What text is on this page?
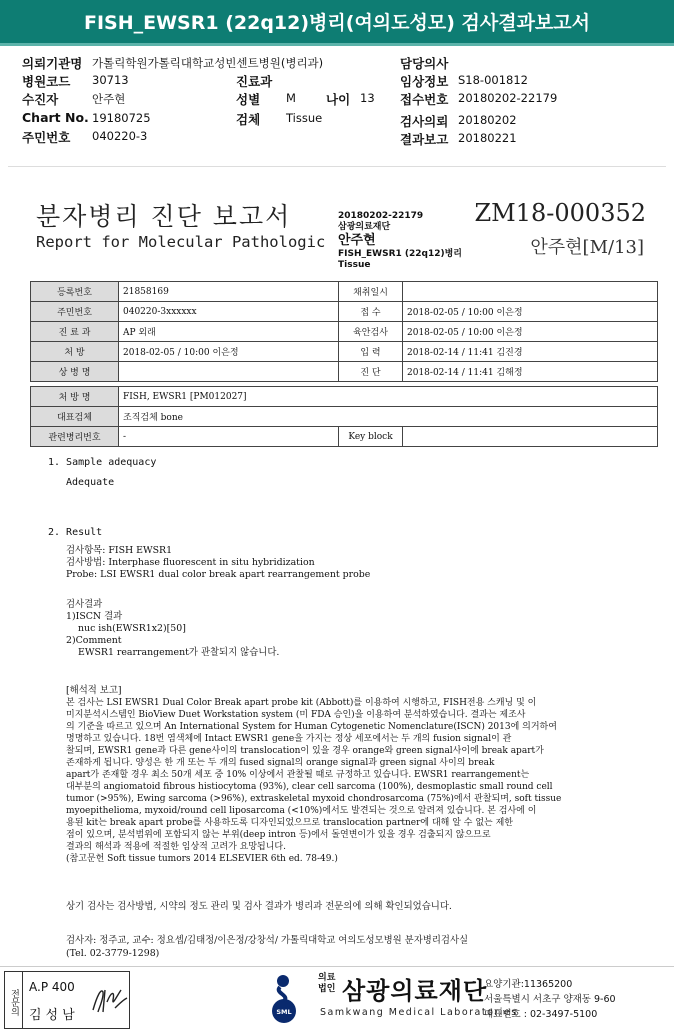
FISH_EWSR1 (22q12)병리(여의도성모) 검사결과보고서
의뢰기관명 가톨릭학원가톨릭대학교성빈센트병원(병리과)	담당의사
병원코드 30713	진료과	임상정보 S18-001812
수진자	안주현	성별 M 나이 13 접수번호 20180202-22179
Chart No. 19180725	검체 Tissue	검사의뢰 20180202
주민번호 040220-3	결과보고 20180221
분자병리 진단 보고서
Report for Molecular Pathologic
20180202-22179
삼광의료재단
안주현
FISH_EWSR1 (22q12)병리
Tissue
ZM18-000352
안주현[M/13]
등록번호	21858169	채취일시	
주민번호	040220-3xxxxxx	접 수	2018-02-05 / 10:00 이은정
진 료 과	AP 외래	육안검사	2018-02-05 / 10:00 이은정
처 방	2018-02-05 / 10:00 이은정	입 력	2018-02-14 / 11:41 김진경
상 병 명		진 단	2018-02-14 / 11:41 김해정

처 방 명	FISH, EWSR1 [PM012027]		
대표검체	조직검체 bone		
관련병리번호	-	Key block	
1. Sample adequacy
Adequate
2. Result
검사항목: FISH EWSR1
검사방법: Interphase fluorescent in situ hybridization
Probe: LSI EWSR1 dual color break apart rearrangement probe
검사결과
1)ISCN 결과
nuc ish(EWSR1x2)[50]
2)Comment
EWSR1 rearrangement가 관찰되지 않습니다.
[해석적 보고]
본 검사는 LSI EWSR1 Dual Color Break apart probe kit (Abbott)를 이용하여 시행하고, FISH전용 스캐닝 및 이
미지분석시스템인 BioView Duet Workstation system (미 FDA 승인)을 이용하여 분석하였습니다. 결과는 제조사
의 기준을 따르고 있으며 An International System for Human Cytogenetic Nomenclature(ISCN) 2013에 의거하여
명명하고 있습니다. 18번 염색체에 Intact EWSR1 gene을 가지는 정상 세포에서는 두 개의 fusion signal이 관
찰되며, EWSR1 gene과 다른 gene사이의 translocation이 있을 경우 orange와 green signal사이에 break apart가
존재하게 됩니다. 양성은 한 개 또는 두 개의 fused signal의 orange signal과 green signal 사이의 break
apart가 존재할 경우 최소 50개 세포 중 10% 이상에서 관찰될 때로 규정하고 있습니다. EWSR1 rearrangement는
대부분의 angiomatoid fibrous histiocytoma (93%), clear cell sarcoma (100%), desmoplastic small round cell
tumor (>95%), Ewing sarcoma (>96%), extraskeletal myxoid chondrosarcoma (75%)에서 관찰되며, soft tissue
myoepithelioma, myxoid/round cell liposarcoma (<10%)에서도 발견되는 것으로 알려져 있습니다. 본 검사에 이
용된 kit는 break apart probe를 사용하도록 디자인되었으므로 translocation partner에 대해 알 수 없는 제한
점이 있으며, 분석범위에 포함되지 않는 부위(deep intron 등)에서 돌연변이가 있을 경우 검출되지 않으므로
결과의 해석과 적용에 적절한 임상적 고려가 요망됩니다.
(참고문헌 Soft tissue tumors 2014 ELSEVIER 6th ed. 78-49.)
상기 검사는 검사방법, 시약의 정도 관리 및 검사 결과가 병리과 전문의에 의해 확인되었습니다.
검사자: 정주교, 교수: 정요셉/김태정/이은정/강창석/ 가톨릭대학교 여의도성모병원 분자병리검사실
(Tel. 02-3779-1298)
전문의
A.P 400
김성남	SML
의료
법인 삼광의료재단
Samkwang Medical Laboratories
요양기관:11365200
서울특별시 서초구 양재동 9-60
대표번호 : 02-3497-5100
